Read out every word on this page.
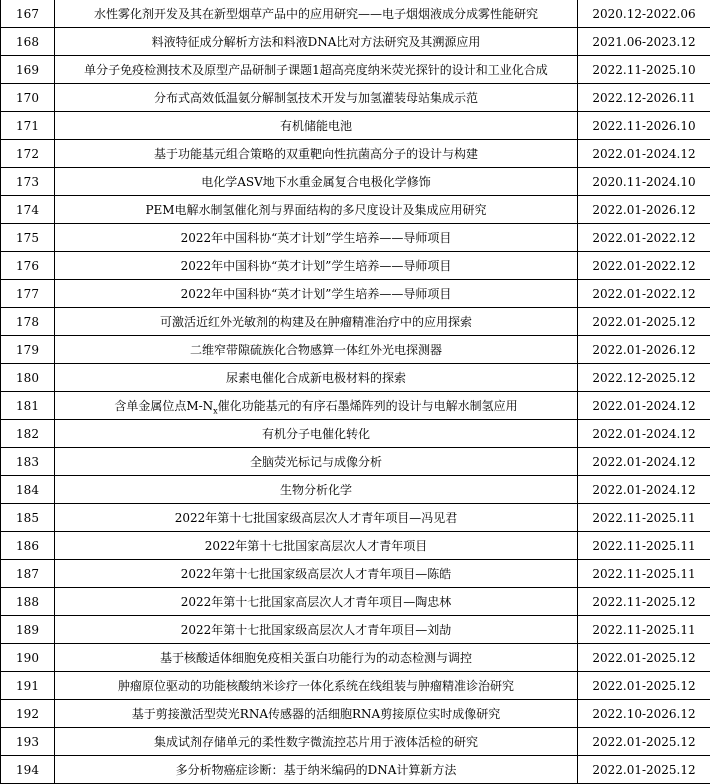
167	水性雾化剂开发及其在新型烟草产品中的应用研究——电子烟烟液成分成雾性能研究	2020.12-2022.06
168	料液特征成分解析方法和料液DNA比对方法研究及其溯源应用	2021.06-2023.12
169	单分子免疫检测技术及原型产品研制子课题1超高亮度纳米荧光探针的设计和工业化合成	2022.11-2025.10
170	分布式高效低温氨分解制氢技术开发与加氢灌装母站集成示范	2022.12-2026.11
171	有机储能电池	2022.11-2026.10
172	基于功能基元组合策略的双重靶向性抗菌高分子的设计与构建	2022.01-2024.12
173	电化学ASV地下水重金属复合电极化学修饰	2020.11-2024.10
174	PEM电解水制氢催化剂与界面结构的多尺度设计及集成应用研究	2022.01-2026.12
175	2022年中国科协“英才计划”学生培养——导师项目	2022.01-2022.12
176	2022年中国科协“英才计划”学生培养——导师项目	2022.01-2022.12
177	2022年中国科协“英才计划”学生培养——导师项目	2022.01-2022.12
178	可激活近红外光敏剂的构建及在肿瘤精准治疗中的应用探索	2022.01-2025.12
179	二维窄带隙硫族化合物感算一体红外光电探测器	2022.01-2026.12
180	尿素电催化合成新电极材料的探索	2022.12-2025.12
181	含单金属位点$M-N_x$催化功能基元的有序石墨烯阵列的设计与电解水制氢应用	2022.01-2024.12
182	有机分子电催化转化	2022.01-2024.12
183	全脑荧光标记与成像分析	2022.01-2024.12
184	生物分析化学	2022.01-2024.12
185	2022年第十七批国家级高层次人才青年项目—冯见君	2022.11-2025.11
186	2022年第十七批国家高层次人才青年项目	2022.11-2025.11
187	2022年第十七批国家级高层次人才青年项目—陈皓	2022.11-2025.11
188	2022年第十七批国家高层次人才青年项目—陶忠林	2022.11-2025.12
189	2022年第十七批国家级高层次人才青年项目—刘劼	2022.11-2025.11
190	基于核酸适体细胞免疫相关蛋白功能行为的动态检测与调控	2022.01-2025.12
191	肿瘤原位驱动的功能核酸纳米诊疗一体化系统在线组装与肿瘤精准诊治研究	2022.01-2025.12
192	基于剪接激活型荧光RNA传感器的活细胞RNA剪接原位实时成像研究	2022.10-2026.12
193	集成试剂存储单元的柔性数字微流控芯片用于液体活检的研究	2022.01-2025.12
194	多分析物癌症诊断：基于纳米编码的DNA计算新方法	2022.01-2025.12
